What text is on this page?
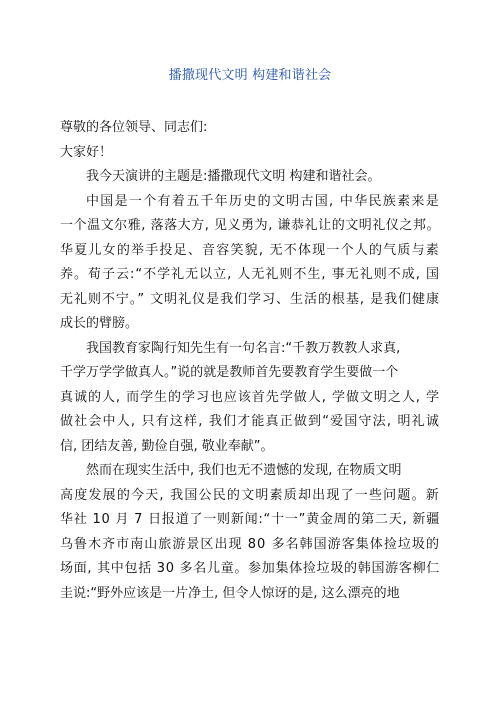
播撒现代文明 构建和谐社会
尊敬的各位领导、同志们:
大家好！
我今天演讲的主题是:播撒现代文明 构建和谐社会。
中国是一个有着五千年历史的文明古国, 中华民族素来是
一个温文尔雅, 落落大方, 见义勇为, 谦恭礼让的文明礼仪之邦。
华夏儿女的举手投足、音容笑貌, 无不体现一个人的气质与素
养。荀子云:“不学礼无以立, 人无礼则不生, 事无礼则不成, 国
无礼则不宁。” 文明礼仪是我们学习、生活的根基, 是我们健康
成长的臂膀。
我国教育家陶行知先生有一句名言:“千教万教教人求真,
千学万学学做真人。”说的就是教师首先要教育学生要做一个
真诚的人, 而学生的学习也应该首先学做人, 学做文明之人, 学
做社会中人, 只有这样, 我们才能真正做到“爱国守法, 明礼诚
信, 团结友善, 勤俭自强, 敬业奉献”。
然而在现实生活中, 我们也无不遗憾的发现, 在物质文明
高度发展的今天, 我国公民的文明素质却出现了一些问题。新
华社 10 月 7 日报道了一则新闻:“十一”黄金周的第二天, 新疆
乌鲁木齐市南山旅游景区出现 80 多名韩国游客集体捡垃圾的
场面, 其中包括 30 多名儿童。参加集体捡垃圾的韩国游客柳仁
圭说:“野外应该是一片净土, 但令人惊讶的是, 这么漂亮的地
